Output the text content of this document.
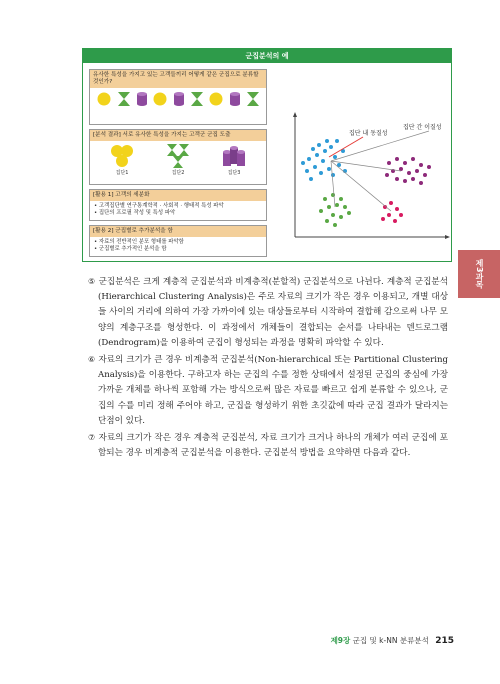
군집분석의 예
유사한 특성을 가지고 있는 고객들끼리 어떻게 같은 군집으로 분류할 것인가?
[분석 결과] 서로 유사한 특성을 가지는 고객군 군집 도출
집단1	집단2	집단3
[활용 1] 고객의 세분화
• 고객집단별 연구통계학적 · 사회적 · 행태적 특성 파악
• 집단의 프로필 작성 및 특성 파악
[활용 2] 군집별로 추가분석을 함
• 자료의 전반적인 분포 형태를 파악함
• 군집별로 추가적인 분석을 함
집단 간 이질성
집단 내 동질성
제3과목

⑤ 군집분석은 크게 계층적 군집분석과 비계층적(분할적) 군집분석으로 나뉜다. 계층적 군집분석(Hierarchical Clustering Analysis)은 주로 자료의 크기가 작은 경우 이용되고, 개별 대상들 사이의 거리에 의하여 가장 가까이에 있는 대상들로부터 시작하여 결합해 감으로써 나무 모양의 계층구조를 형성한다. 이 과정에서 개체들이 결합되는 순서를 나타내는 덴드로그램(Dendrogram)을 이용하여 군집이 형성되는 과정을 명확히 파악할 수 있다.

⑥ 자료의 크기가 큰 경우 비계층적 군집분석(Non-hierarchical 또는 Partitional Clustering Analysis)을 이용한다. 구하고자 하는 군집의 수를 정한 상태에서 설정된 군집의 중심에 가장 가까운 개체를 하나씩 포함해 가는 방식으로써 많은 자료를 빠르고 쉽게 분류할 수 있으나, 군집의 수를 미리 정해 주어야 하고, 군집을 형성하기 위한 초깃값에 따라 군집 결과가 달라지는 단점이 있다.

⑦ 자료의 크기가 작은 경우 계층적 군집분석, 자료 크기가 크거나 하나의 개체가 여러 군집에 포함되는 경우 비계층적 군집분석을 이용한다. 군집분석 방법을 요약하면 다음과 같다.

제9장 군집 및 k-NN 분류분석 215
